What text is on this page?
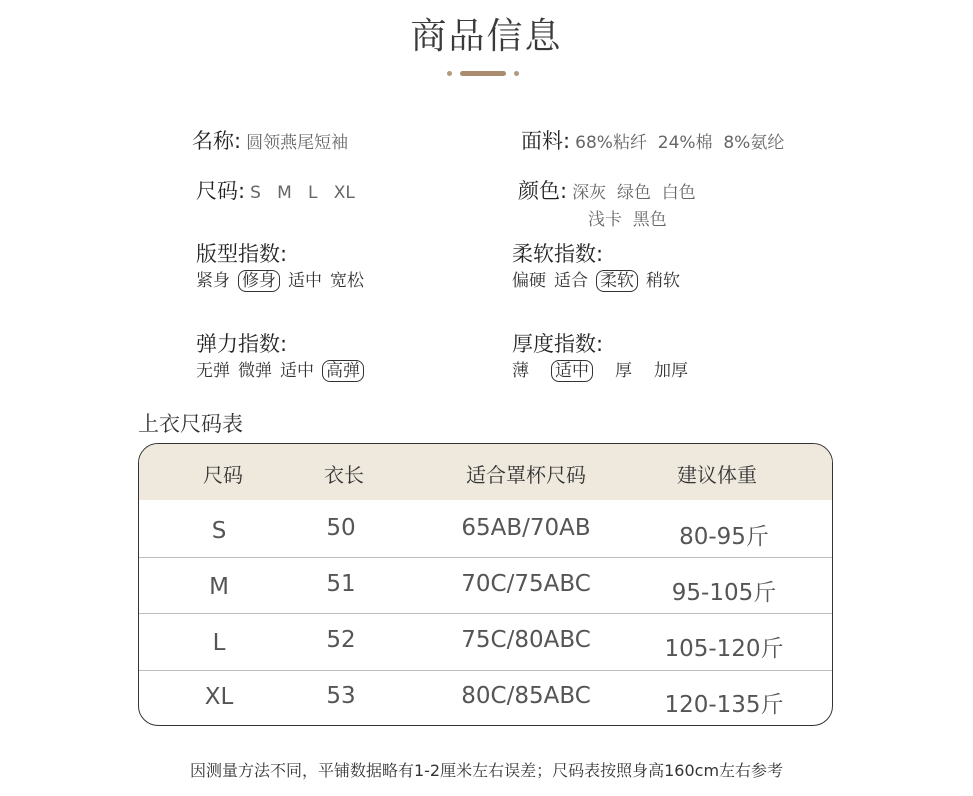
商品信息
名称: 圆领燕尾短袖	面料: 68%粘纤  24%棉  8%氨纶
尺码: S   M   L   XL	颜色: 深灰  绿色  白色
浅卡  黑色
版型指数:
紧身 修身 适中 宽松
柔软指数:
偏硬 适合 柔软 稍软
弹力指数:
无弹 微弹 适中 高弹
厚度指数:
薄 适中 厚 加厚
上衣尺码表
尺码	衣长	适合罩杯尺码	建议体重
S	50	65AB/70AB	80-95斤
M	51	70C/75ABC	95-105斤
L	52	75C/80ABC	105-120斤
XL	53	80C/85ABC	120-135斤
因测量方法不同，平铺数据略有1-2厘米左右误差；尺码表按照身高160cm左右参考
